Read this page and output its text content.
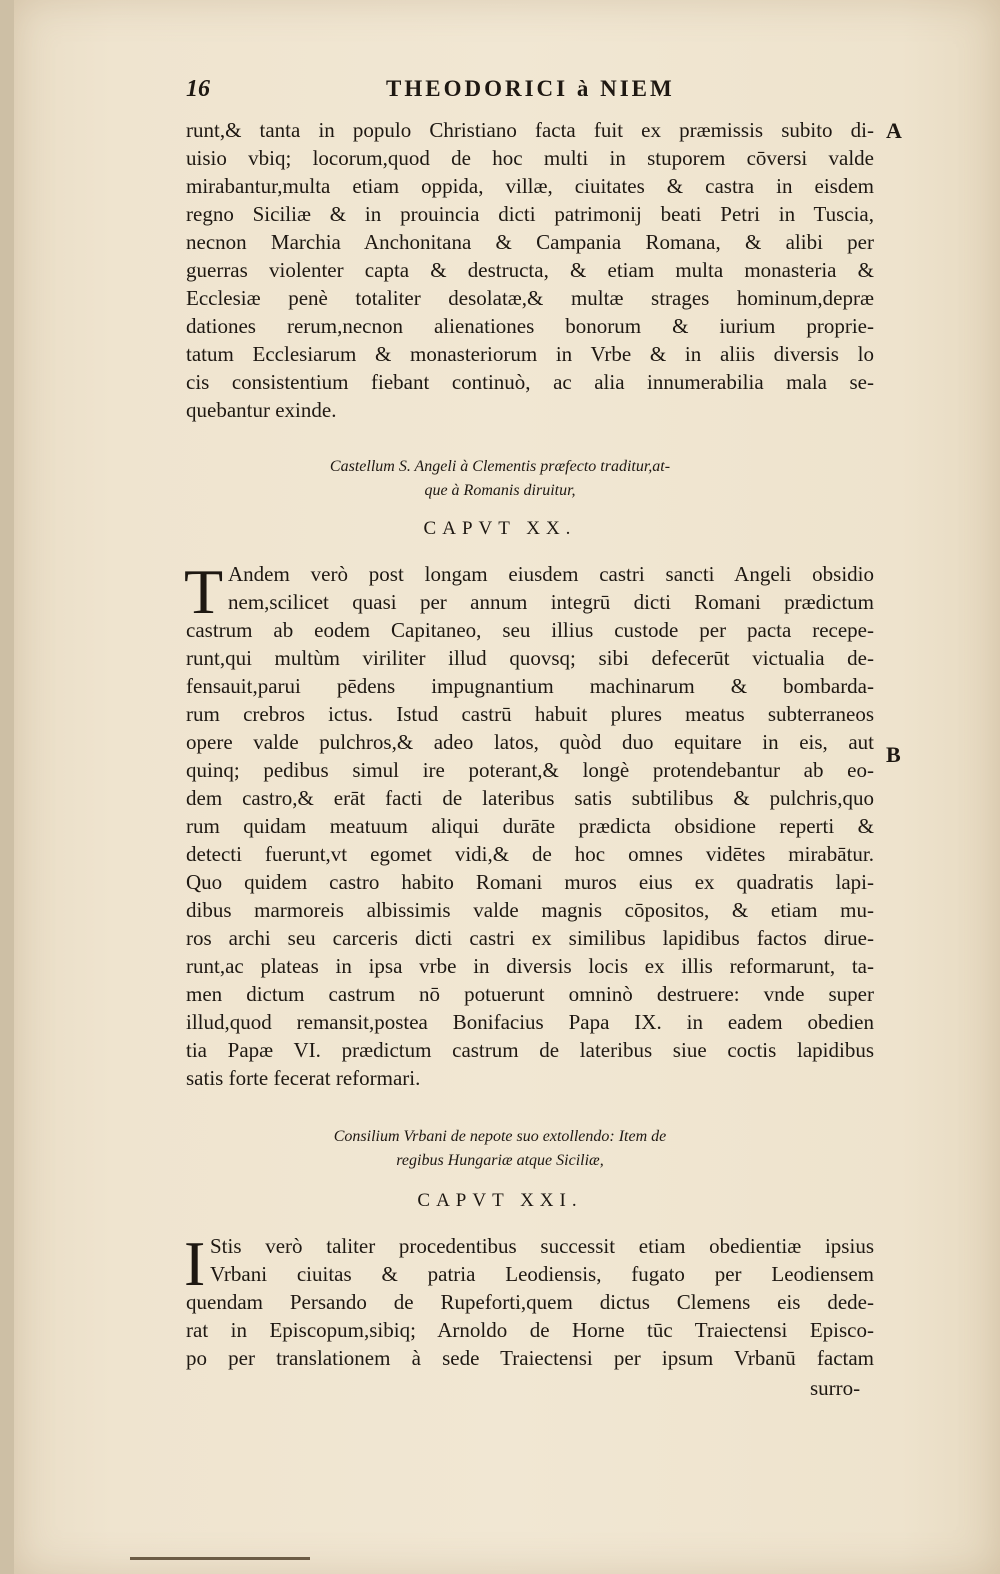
16	THEODORICI à NIEM
A
B
runt,& tanta in populo Christiano facta fuit ex præmissis subito di-
uisio vbiq; locorum,quod de hoc multi in stuporem cōversi valde
mirabantur,multa etiam oppida, villæ, ciuitates & castra in eisdem
regno Siciliæ & in prouincia dicti patrimonij beati Petri in Tuscia,
necnon Marchia Anchonitana & Campania Romana, & alibi per
guerras violenter capta & destructa, & etiam multa monasteria &
Ecclesiæ penè totaliter desolatæ,& multæ strages hominum,depræ
dationes rerum,necnon alienationes bonorum & iurium proprie-
tatum Ecclesiarum & monasteriorum in Vrbe & in aliis diversis lo
cis consistentium fiebant continuò, ac alia innumerabilia mala se-
quebantur exinde.
Castellum S. Angeli à Clementis præfecto traditur,at-
que à Romanis diruitur,
CAPVT XX.
T Andem verò post longam eiusdem castri sancti Angeli obsidio
nem,scilicet quasi per annum integrū dicti Romani prædictum
castrum ab eodem Capitaneo, seu illius custode per pacta recepe-
runt,qui multùm viriliter illud quovsq; sibi defecerūt victualia de-
fensauit,parui pēdens impugnantium machinarum & bombarda-
rum crebros ictus. Istud castrū habuit plures meatus subterraneos
opere valde pulchros,& adeo latos, quòd duo equitare in eis, aut
quinq; pedibus simul ire poterant,& longè protendebantur ab eo-
dem castro,& erāt facti de lateribus satis subtilibus & pulchris,quo
rum quidam meatuum aliqui durāte prædicta obsidione reperti &
detecti fuerunt,vt egomet vidi,& de hoc omnes vidētes mirabātur.
Quo quidem castro habito Romani muros eius ex quadratis lapi-
dibus marmoreis albissimis valde magnis cōpositos, & etiam mu-
ros archi seu carceris dicti castri ex similibus lapidibus factos dirue-
runt,ac plateas in ipsa vrbe in diversis locis ex illis reformarunt, ta-
men dictum castrum nō potuerunt omninò destruere: vnde super
illud,quod remansit,postea Bonifacius Papa IX. in eadem obedien
tia Papæ VI. prædictum castrum de lateribus siue coctis lapidibus
satis forte fecerat reformari.
Consilium Vrbani de nepote suo extollendo: Item de
regibus Hungariæ atque Siciliæ,
CAPVT XXI.
I Stis verò taliter procedentibus successit etiam obedientiæ ipsius
Vrbani ciuitas & patria Leodiensis, fugato per Leodiensem
quendam Persando de Rupeforti,quem dictus Clemens eis dede-
rat in Episcopum,sibiq; Arnoldo de Horne tūc Traiectensi Episco-
po per translationem à sede Traiectensi per ipsum Vrbanū factam
surro-
